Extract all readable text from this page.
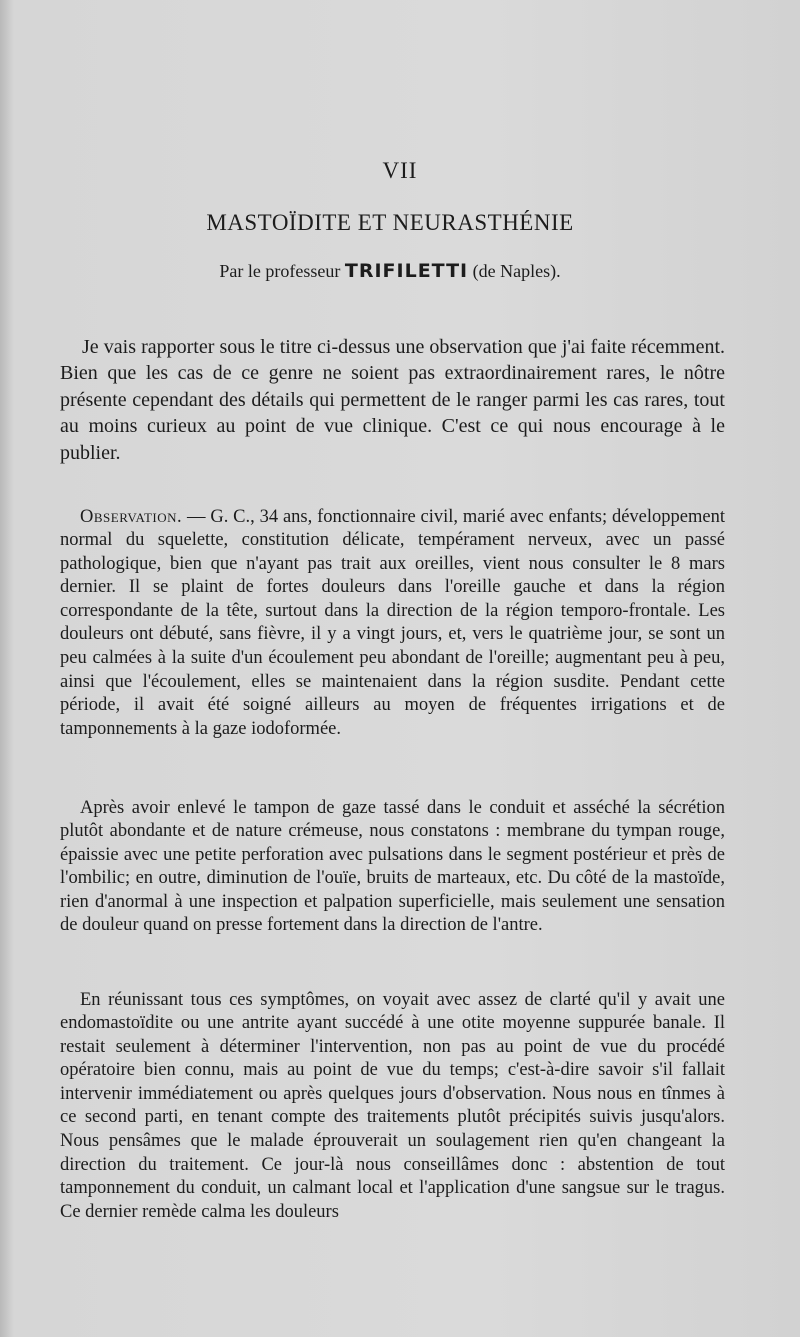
VII
MASTOÏDITE ET NEURASTHÉNIE
Par le professeur TRIFILETTI (de Naples).

Je vais rapporter sous le titre ci-dessus une observation que j'ai faite récemment. Bien que les cas de ce genre ne soient pas extraordinairement rares, le nôtre présente cependant des détails qui permettent de le ranger parmi les cas rares, tout au moins curieux au point de vue clinique. C'est ce qui nous encourage à le publier.

Observation. — G. C., 34 ans, fonctionnaire civil, marié avec enfants; développement normal du squelette, constitution délicate, tempérament nerveux, avec un passé pathologique, bien que n'ayant pas trait aux oreilles, vient nous consulter le 8 mars dernier. Il se plaint de fortes douleurs dans l'oreille gauche et dans la région correspondante de la tête, surtout dans la direction de la région temporo-frontale. Les douleurs ont débuté, sans fièvre, il y a vingt jours, et, vers le quatrième jour, se sont un peu calmées à la suite d'un écoulement peu abondant de l'oreille; augmentant peu à peu, ainsi que l'écoulement, elles se maintenaient dans la région susdite. Pendant cette période, il avait été soigné ailleurs au moyen de fréquentes irrigations et de tamponnements à la gaze iodoformée.

Après avoir enlevé le tampon de gaze tassé dans le conduit et asséché la sécrétion plutôt abondante et de nature crémeuse, nous constatons : membrane du tympan rouge, épaissie avec une petite perforation avec pulsations dans le segment postérieur et près de l'ombilic; en outre, diminution de l'ouïe, bruits de marteaux, etc. Du côté de la mastoïde, rien d'anormal à une inspection et palpation superficielle, mais seulement une sensation de douleur quand on presse fortement dans la direction de l'antre.

En réunissant tous ces symptômes, on voyait avec assez de clarté qu'il y avait une endomastoïdite ou une antrite ayant succédé à une otite moyenne suppurée banale. Il restait seulement à déterminer l'intervention, non pas au point de vue du procédé opératoire bien connu, mais au point de vue du temps; c'est-à-dire savoir s'il fallait intervenir immédiatement ou après quelques jours d'observation. Nous nous en tînmes à ce second parti, en tenant compte des traitements plutôt précipités suivis jusqu'alors. Nous pensâmes que le malade éprouverait un soulagement rien qu'en changeant la direction du traitement. Ce jour-là nous conseillâmes donc : abstention de tout tamponnement du conduit, un calmant local et l'application d'une sangsue sur le tragus. Ce dernier remède calma les douleurs
